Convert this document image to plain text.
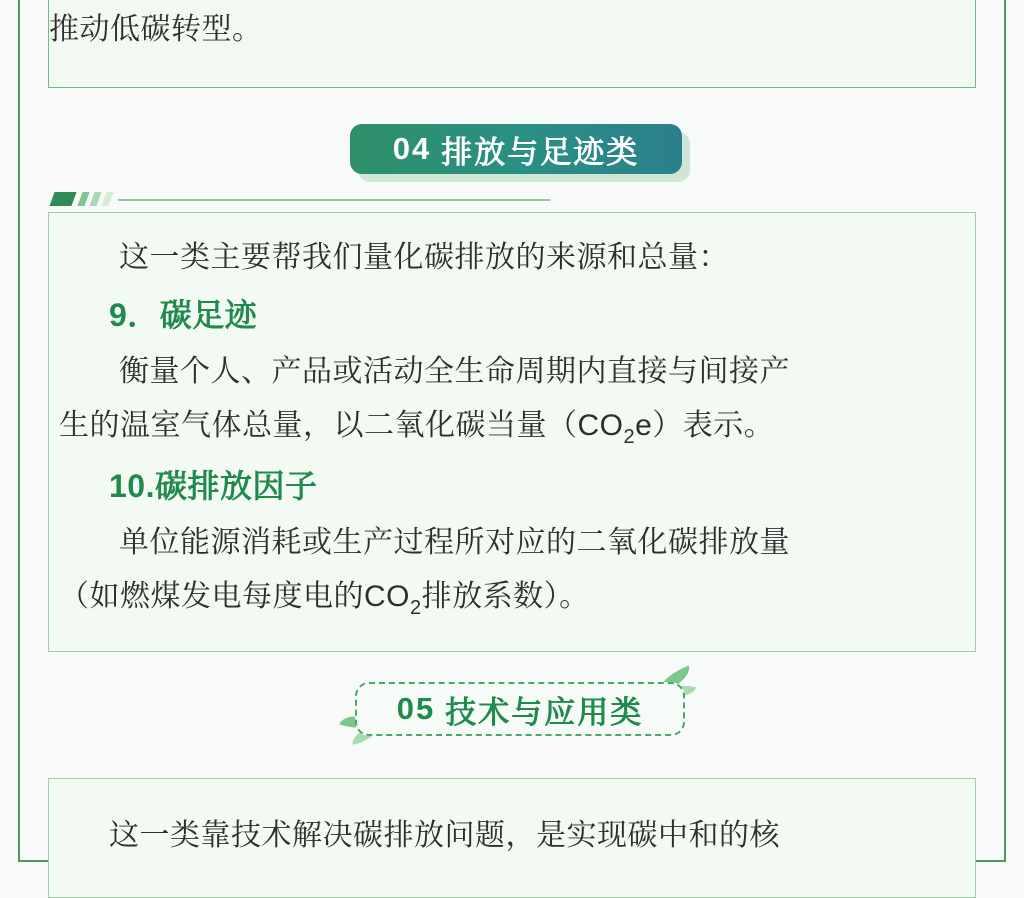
推动低碳转型。
04 排放与足迹类
这一类主要帮我们量化碳排放的来源和总量：
9．碳足迹
衡量个人、产品或活动全生命周期内直接与间接产
生的温室气体总量，以二氧化碳当量$(CO_2e)$表示。
10.碳排放因子
单位能源消耗或生产过程所对应的二氧化碳排放量
（如燃煤发电每度电的$CO_2$排放系数）。
05 技术与应用类
这一类靠技术解决碳排放问题，是实现碳中和的核
